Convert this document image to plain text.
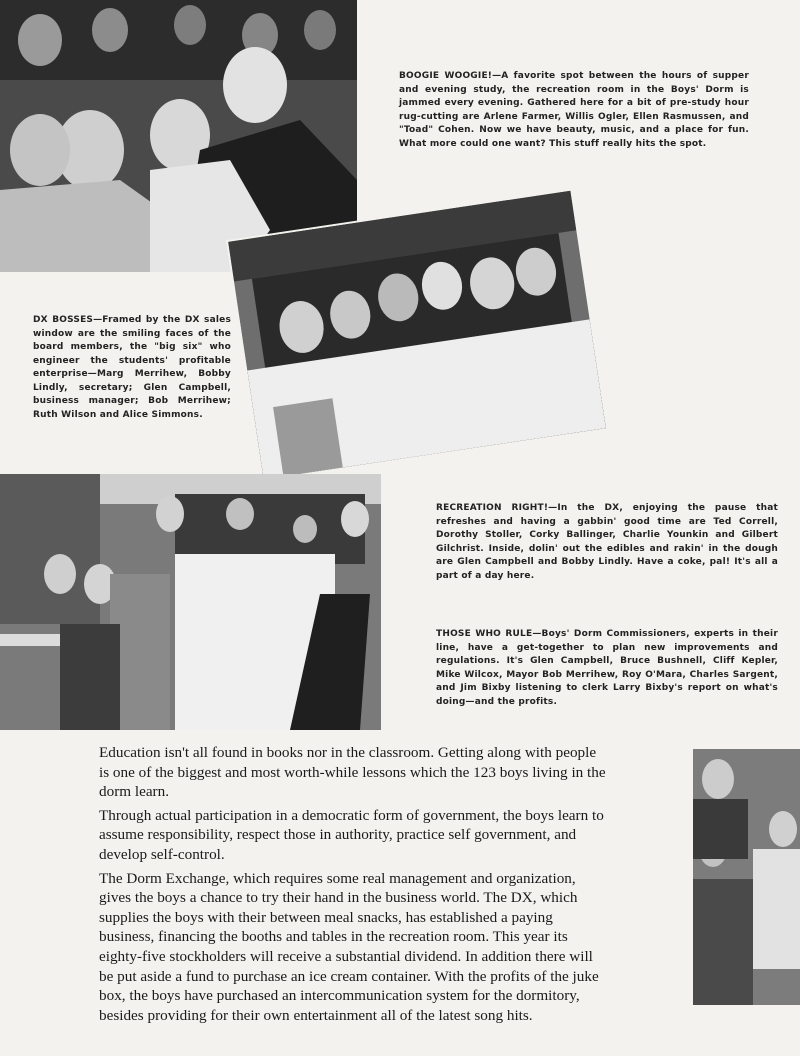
BOOGIE WOOGIE!—A favorite spot between the hours of supper and evening study, the recreation room in the Boys' Dorm is jammed every evening. Gathered here for a bit of pre-study hour rug-cutting are Arlene Farmer, Willis Ogler, Ellen Rasmussen, and "Toad" Cohen. Now we have beauty, music, and a place for fun. What more could one want? This stuff really hits the spot.
DX BOSSES—Framed by the DX sales window are the smiling faces of the board members, the "big six" who engineer the students' profitable enterprise—Marg Merrihew, Bobby Lindly, secretary; Glen Campbell, business manager; Bob Merrihew; Ruth Wilson and Alice Simmons.
RECREATION RIGHT!—In the DX, enjoying the pause that refreshes and having a gabbin' good time are Ted Correll, Dorothy Stoller, Corky Ballinger, Charlie Younkin and Gilbert Gilchrist. Inside, dolin' out the edibles and rakin' in the dough are Glen Campbell and Bobby Lindly. Have a coke, pal! It's all a part of a day here.
THOSE WHO RULE—Boys' Dorm Commissioners, experts in their line, have a get-together to plan new improvements and regulations. It's Glen Campbell, Bruce Bushnell, Cliff Kepler, Mike Wilcox, Mayor Bob Merrihew, Roy O'Mara, Charles Sargent, and Jim Bixby listening to clerk Larry Bixby's report on what's doing—and the profits.

Education isn't all found in books nor in the classroom. Getting along with people is one of the biggest and most worth-while lessons which the 123 boys living in the dorm learn.

Through actual participation in a democratic form of government, the boys learn to assume responsibility, respect those in authority, practice self government, and develop self-control.

The Dorm Exchange, which requires some real management and organization, gives the boys a chance to try their hand in the business world. The DX, which supplies the boys with their between meal snacks, has established a paying business, financing the booths and tables in the recreation room. This year its eighty-five stockholders will receive a substantial dividend. In addition there will be put aside a fund to purchase an ice cream container. With the profits of the juke box, the boys have purchased an intercommunication system for the dormitory, besides providing for their own entertainment all of the latest song hits.
